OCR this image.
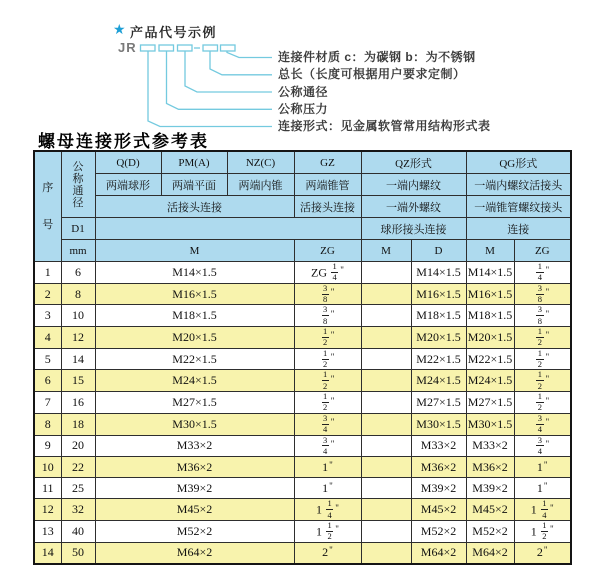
★ 产品代号示例
JR
连接件材质 c：为碳钢 b：为不锈钢
总长（长度可根据用户要求定制）
公称通径
公称压力
连接形式：见金属软管常用结构形式表
螺母连接形式参考表
序
号	公
称
通
径	Q(D)	PM(A)	NZ(C)	GZ	QZ形式		QG形式	
		两端球形	两端平面	两端内锥	两端锥管	一端内螺纹		一端内螺纹活接头	
		活接头连接			活接头连接	一端外螺纹		一端锥管螺纹接头	
	D1					球形接头连接		连接	
	mm	M			ZG	M	D	M	ZG
1	6	M14×1.5			ZG $\frac{1}{4} ^"$		M14×1.5	M14×1.5	$\frac{1}{4} ^"$
2	8	M16×1.5			$\frac{3}{8} ^"$		M16×1.5	M16×1.5	$\frac{3}{8} ^"$
3	10	M18×1.5			$\frac{3}{8} ^"$		M18×1.5	M18×1.5	$\frac{3}{8} ^"$
4	12	M20×1.5			$\frac{1}{2} ^"$		M20×1.5	M20×1.5	$\frac{1}{2} ^"$
5	14	M22×1.5			$\frac{1}{2} ^"$		M22×1.5	M22×1.5	$\frac{1}{2} ^"$
6	15	M24×1.5			$\frac{1}{2} ^"$		M24×1.5	M24×1.5	$\frac{1}{2} ^"$
7	16	M27×1.5			$\frac{1}{2} ^"$		M27×1.5	M27×1.5	$\frac{1}{2} ^"$
8	18	M30×1.5			$\frac{3}{4} ^"$		M30×1.5	M30×1.5	$\frac{3}{4} ^"$
9	20	M33×2			$\frac{3}{4} ^"$		M33×2	M33×2	$\frac{3}{4} ^"$
10	22	M36×2			1"		M36×2	M36×2	1"
11	25	M39×2			1"		M39×2	M39×2	1"
12	32	M45×2			$1 \frac{1}{4} ^"$		M45×2	M45×2	$1 \frac{1}{4} ^"$
13	40	M52×2			$1 \frac{1}{2} ^"$		M52×2	M52×2	$1 \frac{1}{2} ^"$
14	50	M64×2			2"		M64×2	M64×2	2"
